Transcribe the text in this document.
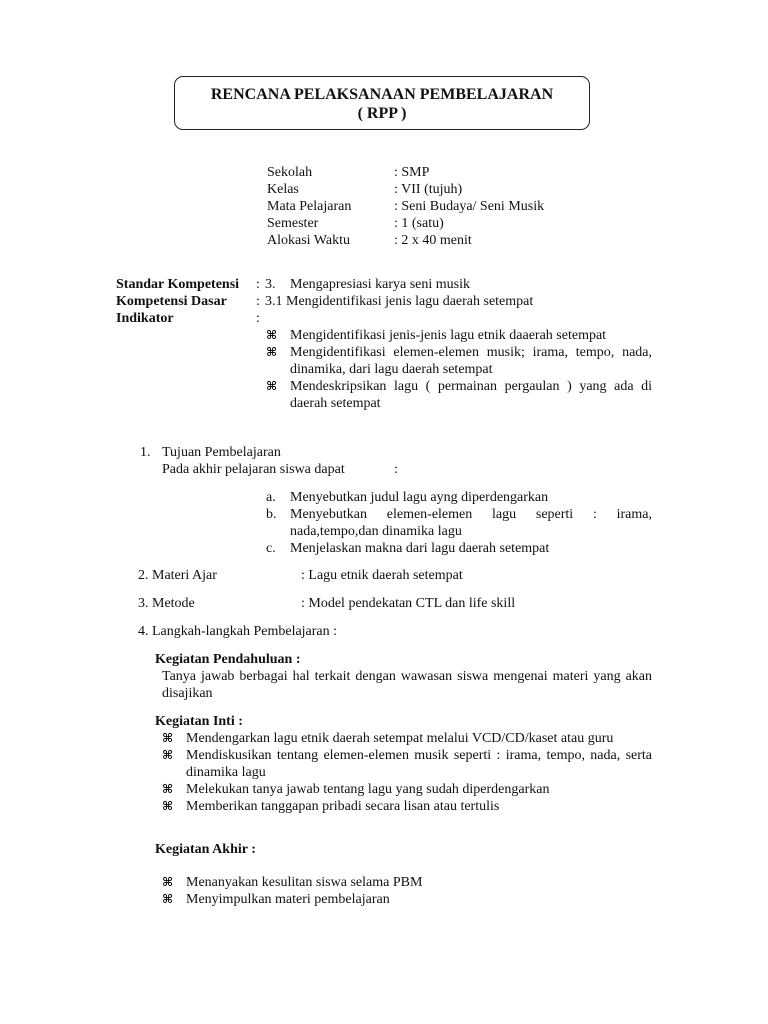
RENCANA PELAKSANAAN PEMBELAJARAN
( RPP )
Sekolah	: SMP
Kelas	: VII (tujuh)
Mata Pelajaran	: Seni Budaya/ Seni Musik
Semester	: 1 (satu)
Alokasi Waktu	: 2 x 40 menit
Standar Kompetensi : 3. Mengapresiasi karya seni musik
Kompetensi Dasar : 3.1 Mengidentifikasi jenis lagu daerah setempat
Indikator	:
⌘ Mengidentifikasi jenis-jenis lagu etnik daaerah setempat
⌘ Mengidentifikasi elemen-elemen musik; irama, tempo, nada, dinamika, dari lagu daerah setempat
⌘ Mendeskripsikan lagu ( permainan pergaulan ) yang ada di daerah setempat
1. Tujuan Pembelajaran
Pada akhir pelajaran siswa dapat	:
a. Menyebutkan judul lagu ayng diperdengarkan
b. Menyebutkan elemen-elemen lagu seperti : irama, nada,tempo,dan dinamika lagu
c. Menjelaskan makna dari lagu daerah setempat
2. Materi Ajar	: Lagu etnik daerah setempat
3. Metode	: Model pendekatan CTL dan life skill
4. Langkah-langkah Pembelajaran :
Kegiatan Pendahuluan :
Tanya jawab berbagai hal terkait dengan wawasan siswa mengenai materi yang akan disajikan
Kegiatan Inti :
⌘ Mendengarkan lagu etnik daerah setempat melalui VCD/CD/kaset atau guru
⌘ Mendiskusikan tentang elemen-elemen musik seperti : irama, tempo, nada, serta dinamika lagu
⌘ Melekukan tanya jawab tentang lagu yang sudah diperdengarkan
⌘ Memberikan tanggapan pribadi secara lisan atau tertulis
Kegiatan Akhir :
⌘ Menanyakan kesulitan siswa selama PBM
⌘ Menyimpulkan materi pembelajaran
